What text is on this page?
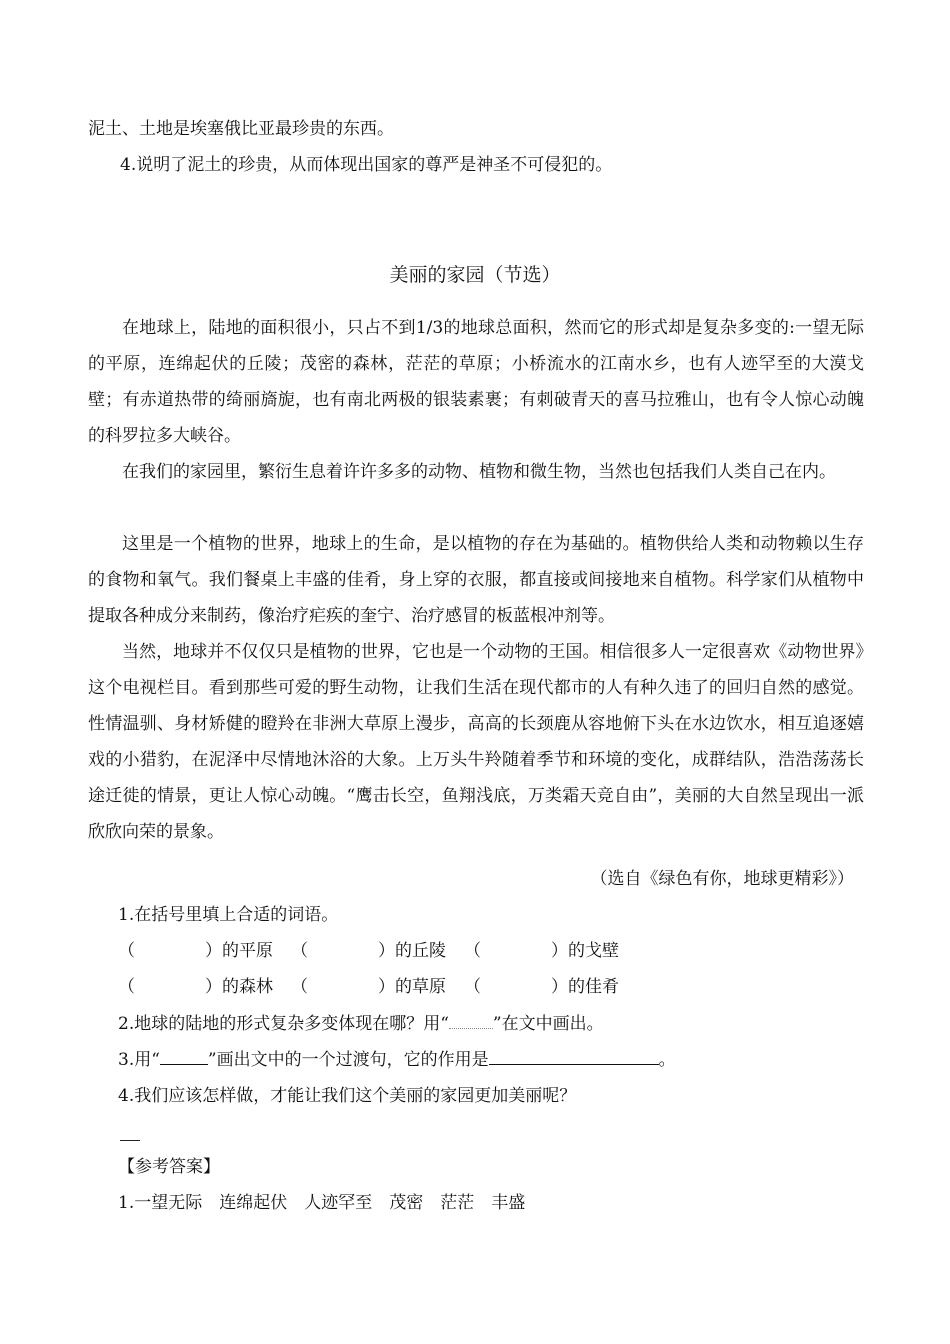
泥土、土地是埃塞俄比亚最珍贵的东西。
4.说明了泥土的珍贵，从而体现出国家的尊严是神圣不可侵犯的。
美丽的家园（节选）

在地球上，陆地的面积很小，只占不到1/3的地球总面积，然而它的形式却是复杂多变的:一望无际的平原，连绵起伏的丘陵；茂密的森林，茫茫的草原；小桥流水的江南水乡，也有人迹罕至的大漠戈壁；有赤道热带的绮丽旖旎，也有南北两极的银装素裹；有刺破青天的喜马拉雅山，也有令人惊心动魄的科罗拉多大峡谷。

在我们的家园里，繁衍生息着许许多多的动物、植物和微生物，当然也包括我们人类自己在内。

这里是一个植物的世界，地球上的生命，是以植物的存在为基础的。植物供给人类和动物赖以生存的食物和氧气。我们餐桌上丰盛的佳肴，身上穿的衣服，都直接或间接地来自植物。科学家们从植物中提取各种成分来制药，像治疗疟疾的奎宁、治疗感冒的板蓝根冲剂等。

当然，地球并不仅仅只是植物的世界，它也是一个动物的王国。相信很多人一定很喜欢《动物世界》这个电视栏目。看到那些可爱的野生动物，让我们生活在现代都市的人有种久违了的回归自然的感觉。性情温驯、身材矫健的瞪羚在非洲大草原上漫步，高高的长颈鹿从容地俯下头在水边饮水，相互追逐嬉戏的小猎豹，在泥泽中尽情地沐浴的大象。上万头牛羚随着季节和环境的变化，成群结队，浩浩荡荡长途迁徙的情景，更让人惊心动魄。“鹰击长空，鱼翔浅底，万类霜天竞自由”，美丽的大自然呈现出一派欣欣向荣的景象。

（选自《绿色有你，地球更精彩》）
1.在括号里填上合适的词语。
（	）的平原 （	）的丘陵 （	）的戈壁
（	）的森林 （	）的草原 （	）的佳肴
2.地球的陆地的形式复杂多变体现在哪？用“	”在文中画出。
3.用“	”画出文中的一个过渡句，它的作用是	。
4.我们应该怎样做，才能让我们这个美丽的家园更加美丽呢？
【参考答案】
1.一望无际　连绵起伏　人迹罕至　茂密　茫茫　丰盛
